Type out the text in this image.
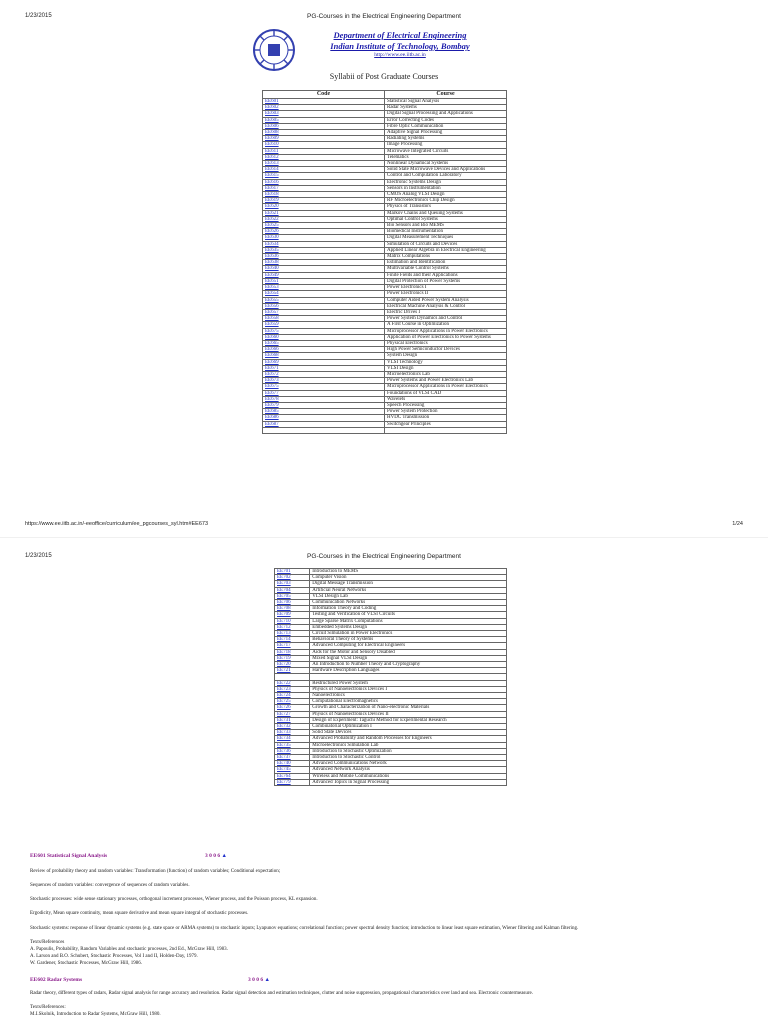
1/23/2015	PG-Courses in the Electrical Engineering Department
Department of Electrical Engineering
Indian Institute of Technology, Bombay
http://www.ee.iitb.ac.in
Syllabii of Post Graduate Courses
Code	Course
EE601	Statistical Signal Analysis
EE602	Radar Systems
EE603	Digital Signal Processing and Applications
EE605	Error Correcting Codes
EE606	Fibre Optic Communication
EE608	Adaptive Signal Processing
EE609	Radiating Systems
EE610	Image Processing
EE611	Microwave Integrated Circuits
EE612	Telematics
EE613	Nonlinear Dynamical Systems
EE614	Solid State Microwave Devices and Applications
EE615	Control and Computation Laboratory
EE616	Electronic Systems Design
EE617	Sensors in Instrumentation
EE618	CMOS Analog VLSI Design
EE619	RF Microelectronics Chip Design
EE620	Physics of Transistors
EE621	Markov Chains and Queuing Systems
EE622	Optimal Control Systems
EE625	Bio Sensors and Bio MEMS
EE626	Biomedical Instrumentation
EE630	Digital Measurement Techniques
EE634	Simulation of Circuits and Devices
EE635	Applied Linear Algebra in Electrical Engineering
EE636	Matrix Computations
EE638	Estimation and Identification
EE640	Multivariable Control Systems
EE649	Finite Fields and their Applications
EE651	Digital Protection of Power Systems
EE653	Power Electronics I
EE654	Power Electronics II
EE655	Computer Aided Power System Analysis
EE656	Electrical Machine Analysis & Control
EE657	Electric Drives I
EE658	Power System Dynamics and Control
EE659	A First Course in Optimization
EE675	Microprocessor Applications in Power Electronics
EE660	Application of Power Electronics to Power Systems
EE665	Physical Electronics
EE666	High Power Semiconductor Devices
EE668	System Design
EE669	VLSI Technology
EE671	VLSI Design
EE672	Microelectronics Lab
EE673	Power Systems and Power Electronics Lab
EE675	Microprocessor Applications in Power Electronics
EE677	Foundations of VLSI CAD
EE678	Wavelets
EE679	Speech Processing
EE685	Power System Protection
EE686	HVDC Transmission
EE687	Switchgear Principles

https://www.ee.iitb.ac.in/-eeoffice/curriculum/ee_pgcourses_syl.htm#EE673	1/24
1/23/2015	PG-Courses in the Electrical Engineering Department
EE701	Introduction to MEMS
EE702	Computer Vision
EE703	Digital Message Transmission
EE704	Artificial Neural Networks
EE705	VLSI Design Lab
EE706	Communication Networks
EE708	Information Theory and Coding
EE709	Testing and Verification of VLSI Circuits
EE710	Large Sparse Matrix Computations
EE712	Embedded Systems Design
EE713	Circuit Simulation in Power Electronics
EE714	Behavioral Theory of Systems
EE717	Advanced Computing for Electrical Engineers
EE718	Aids for the Motor and Sensory Disabled
EE719	Mixed Signal VLSI Design
EE720	An Introduction to Number Theory and Cryptography
EE721	Hardware Description Languages

EE722	Restructured Power System
EE723	Physics of Nanoelectronics Devices I
EE724	Nanoelectronics
EE725	Computational Electromagnetics
EE726	Growth and Characterization of Nano-electronic Materials
EE727	Physics of Nanoelectronics Devices II
EE731	Design of Experiment: Taguchi Method for Experimental Research
EE732	Combinatorial Optimization I
EE733	Solid State Devices
EE734	Advanced Probability and Random Processes for Engineers
EE735	Microelectronics Simulation Lab
EE736	Introduction to Stochastic Optimization
EE737	Introduction to Stochastic Control
EE740	Advanced Communications Network
EE745	Advanced Network Analysis
EE764	Wireless and Mobile Communications
EE779	Advanced Topics in Signal Processing
EE601 Statistical Signal Analysis	3 0 0 6 ▲
Review of probability theory and random variables: Transformation (function) of random variables; Conditional expectation;
Sequences of random variables: convergence of sequences of random variables.
Stochastic processes: wide sense stationary processes, orthogonal increment processes, Wiener process, and the Poisson process, KL expansion.
Ergodicity, Mean square continuity, mean square derivative and mean square integral of stochastic processes.
Stochastic systems: response of linear dynamic systems (e.g. state space or ARMA systems) to stochastic inputs; Lyapunov equations; correlational function; power spectral density function; introduction to linear least square estimation, Wiener filtering and Kalman filtering.
Texts/References
A. Papoulis, Probability, Random Variables and stochastic processes, 2nd Ed., McGraw Hill, 1983.
A. Larson and B.O. Schubert, Stochastic Processes, Vol I and II, Holden-Day, 1979.
W. Gardener, Stochastic Processes, McGraw Hill, 1986.
EE602 Radar Systems	3 0 0 6 ▲
Radar theory, different types of radars, Radar signal analysis for range accuracy and resolution. Radar signal detection and estimation techniques, clutter and noise suppression, propagational characteristics over land and sea. Electronic countermeasure.
Texts/References:
M.I.Skolnik, Introduction to Radar Systems, McGraw Hill, 1980.
